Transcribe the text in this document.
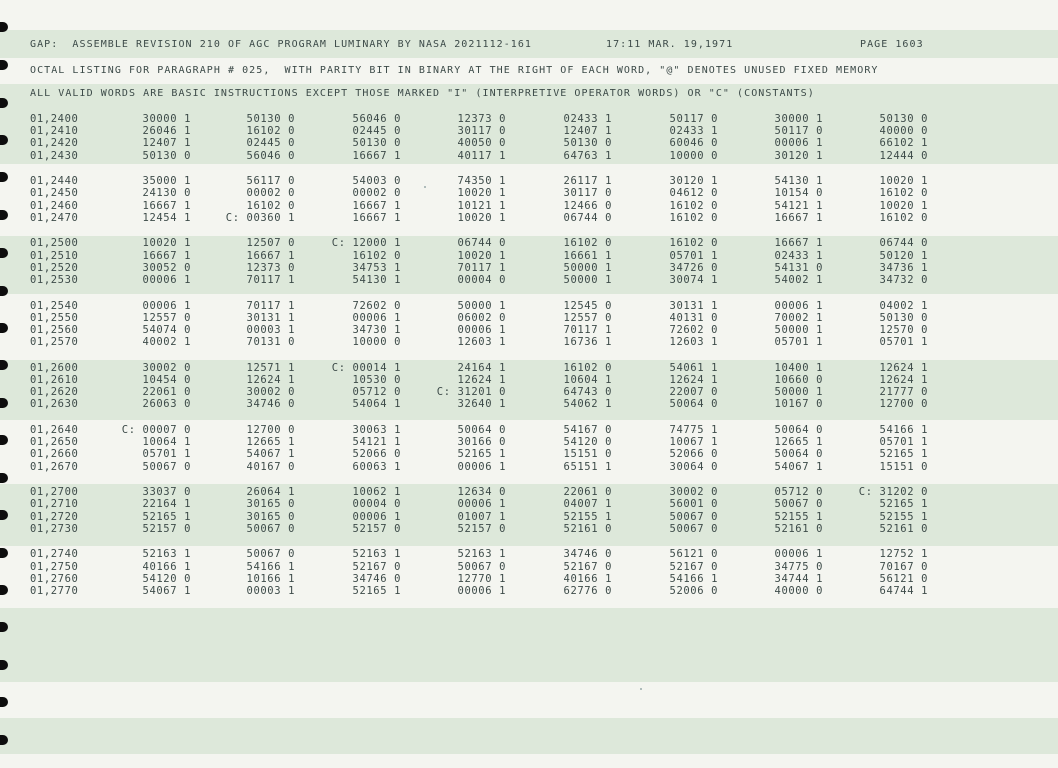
GAP:  ASSEMBLE REVISION 210 OF AGC PROGRAM LUMINARY BY NASA 2021112-161

	17:11 MAR. 19,1971

	PAGE 1603

OCTAL LISTING FOR PARAGRAPH # 025,  WITH PARITY BIT IN BINARY AT THE RIGHT OF EACH WORD, "@" DENOTES UNUSED FIXED MEMORY

ALL VALID WORDS ARE BASIC INSTRUCTIONS EXCEPT THOSE MARKED "I" (INTERPRETIVE OPERATOR WORDS) OR "C" (CONSTANTS)

01,2400	30000 1	50130 0	56046 0	12373 0	02433 1	50117 0	30000 1	50130 0
01,2410	26046 1	16102 0	02445 0	30117 0	12407 1	02433 1	50117 0	40000 0
01,2420	12407 1	02445 0	50130 0	40050 0	50130 0	60046 0	00006 1	66102 1
01,2430	50130 0	56046 0	16667 1	40117 1	64763 1	10000 0	30120 1	12444 0
01,2440	35000 1	56117 0	54003 0	74350 1	26117 1	30120 1	54130 1	10020 1
01,2450	24130 0	00002 0	00002 0	10020 1	30117 0	04612 0	10154 0	16102 0
01,2460	16667 1	16102 0	16667 1	10121 1	12466 0	16102 0	54121 1	10020 1
01,2470	12454 1	C: 00360 1	16667 1	10020 1	06744 0	16102 0	16667 1	16102 0
01,2500	10020 1	12507 0	C: 12000 1	06744 0	16102 0	16102 0	16667 1	06744 0
01,2510	16667 1	16667 1	16102 0	10020 1	16661 1	05701 1	02433 1	50120 1
01,2520	30052 0	12373 0	34753 1	70117 1	50000 1	34726 0	54131 0	34736 1
01,2530	00006 1	70117 1	54130 1	00004 0	50000 1	30074 1	54002 1	34732 0
01,2540	00006 1	70117 1	72602 0	50000 1	12545 0	30131 1	00006 1	04002 1
01,2550	12557 0	30131 1	00006 1	06002 0	12557 0	40131 0	70002 1	50130 0
01,2560	54074 0	00003 1	34730 1	00006 1	70117 1	72602 0	50000 1	12570 0
01,2570	40002 1	70131 0	10000 0	12603 1	16736 1	12603 1	05701 1	05701 1
01,2600	30002 0	12571 1	C: 00014 1	24164 1	16102 0	54061 1	10400 1	12624 1
01,2610	10454 0	12624 1	10530 0	12624 1	10604 1	12624 1	10660 0	12624 1
01,2620	22061 0	30002 0	05712 0	C: 31201 0	64743 0	22007 0	50000 1	21777 0
01,2630	26063 0	34746 0	54064 1	32640 1	54062 1	50064 0	10167 0	12700 0
01,2640	C: 00007 0	12700 0	30063 1	50064 0	54167 0	74775 1	50064 0	54166 1
01,2650	10064 1	12665 1	54121 1	30166 0	54120 0	10067 1	12665 1	05701 1
01,2660	05701 1	54067 1	52066 0	52165 1	15151 0	52066 0	50064 0	52165 1
01,2670	50067 0	40167 0	60063 1	00006 1	65151 1	30064 0	54067 1	15151 0
01,2700	33037 0	26064 1	10062 1	12634 0	22061 0	30002 0	05712 0	C: 31202 0
01,2710	22164 1	30165 0	00004 0	00006 1	04007 1	56001 0	50067 0	52165 1
01,2720	52165 1	30165 0	00006 1	01007 1	52155 1	50067 0	52155 1	52155 1
01,2730	52157 0	50067 0	52157 0	52157 0	52161 0	50067 0	52161 0	52161 0
01,2740	52163 1	50067 0	52163 1	52163 1	34746 0	56121 0	00006 1	12752 1
01,2750	40166 1	54166 1	52167 0	50067 0	52167 0	52167 0	34775 0	70167 0
01,2760	54120 0	10166 1	34746 0	12770 1	40166 1	54166 1	34744 1	56121 0
01,2770	54067 1	00003 1	52165 1	00006 1	62776 0	52006 0	40000 0	64744 1
